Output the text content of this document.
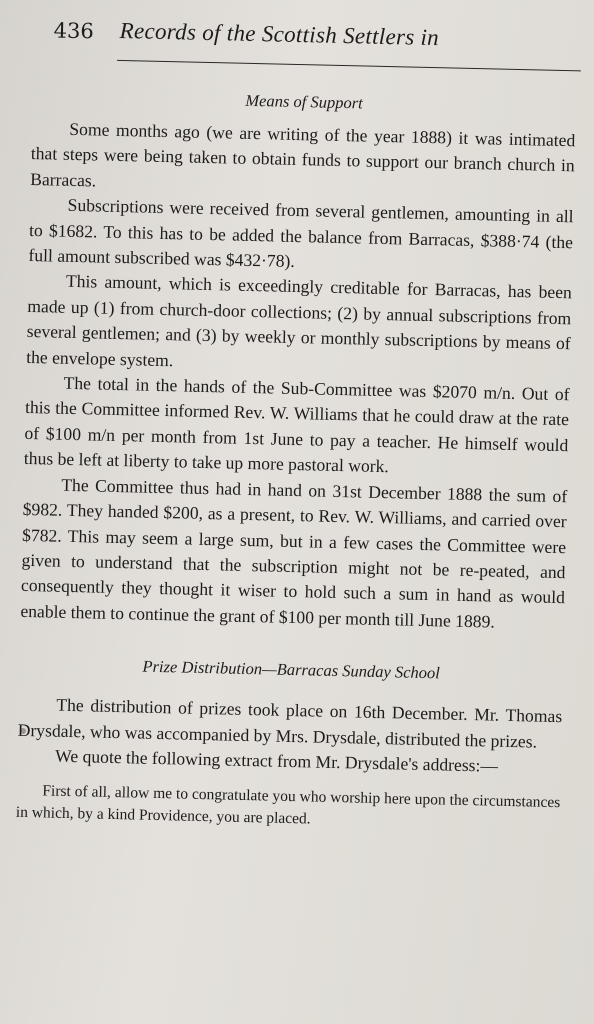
436 Records of the Scottish Settlers in
Means of Support

Some months ago (we are writing of the year 1888) it was intimated that steps were being taken to obtain funds to support our branch church in Barracas.

Subscriptions were received from several gentlemen, amounting in all to $1682. To this has to be added the balance from Barracas, $388·74 (the full amount subscribed was $432·78).

This amount, which is exceedingly creditable for Barracas, has been made up (1) from church-door collections; (2) by annual subscriptions from several gentlemen; and (3) by weekly or monthly subscriptions by means of the envelope system.

The total in the hands of the Sub-Committee was $2070 m/n. Out of this the Committee informed Rev. W. Williams that he could draw at the rate of $100 m/n per month from 1st June to pay a teacher. He himself would thus be left at liberty to take up more pastoral work.

The Committee thus had in hand on 31st December 1888 the sum of $982. They handed $200, as a present, to Rev. W. Williams, and carried over $782. This may seem a large sum, but in a few cases the Committee were given to understand that the subscription might not be re-peated, and consequently they thought it wiser to hold such a sum in hand as would enable them to continue the grant of $100 per month till June 1889.

Prize Distribution—Barracas Sunday School

The distribution of prizes took place on 16th December. Mr. Thomas Drysdale, who was accompanied by Mrs. Drysdale, distributed the prizes.

We quote the following extract from Mr. Drysdale's address:—

First of all, allow me to congratulate you who worship here upon the circumstances in which, by a kind Providence, you are placed.
